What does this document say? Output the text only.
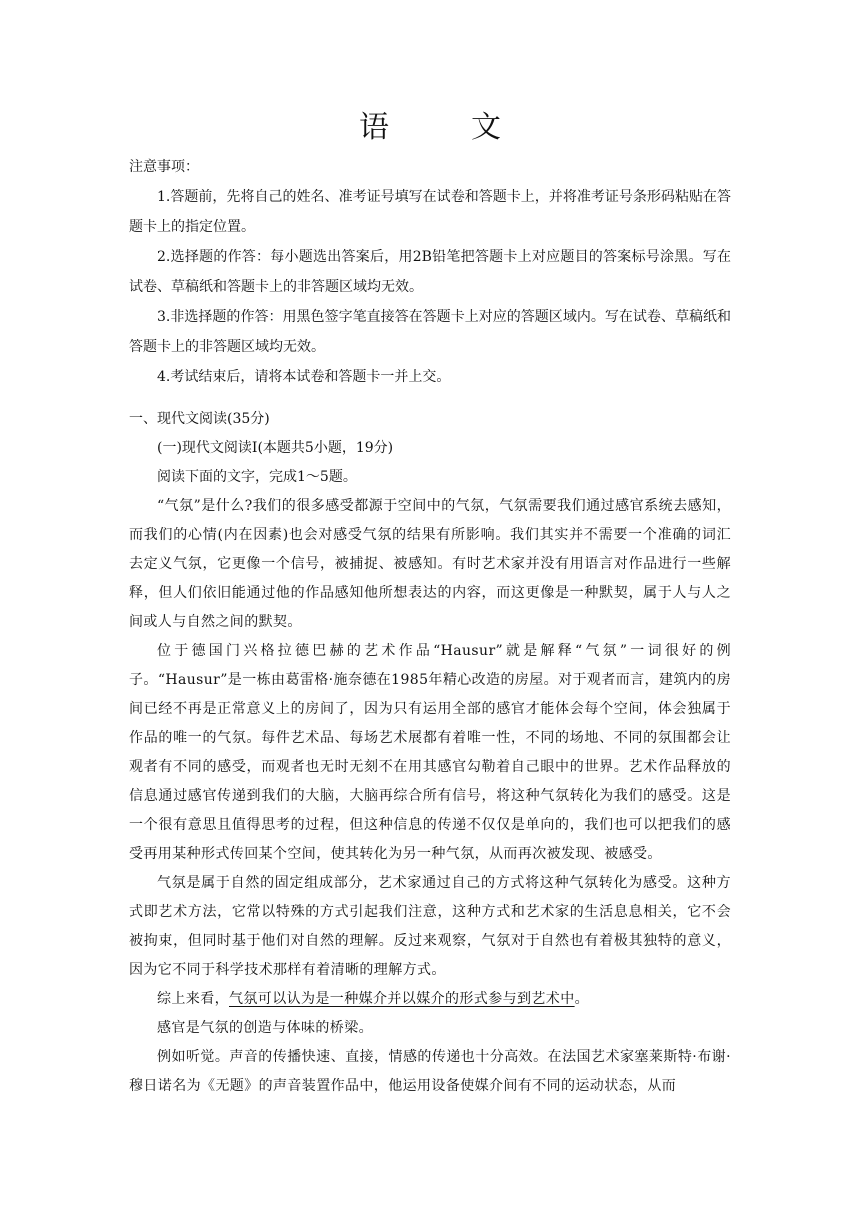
语　文

注意事项：

1.答题前，先将自己的姓名、准考证号填写在试卷和答题卡上，并将准考证号条形码粘贴在答题卡上的指定位置。

2.选择题的作答：每小题选出答案后，用2B铅笔把答题卡上对应题目的答案标号涂黑。写在试卷、草稿纸和答题卡上的非答题区域均无效。

3.非选择题的作答：用黑色签字笔直接答在答题卡上对应的答题区域内。写在试卷、草稿纸和答题卡上的非答题区域均无效。

4.考试结束后，请将本试卷和答题卡一并上交。

一、现代文阅读(35分)

(一)现代文阅读I(本题共5小题，19分)

阅读下面的文字，完成1～5题。

“气氛”是什么?我们的很多感受都源于空间中的气氛，气氛需要我们通过感官系统去感知，而我们的心情(内在因素)也会对感受气氛的结果有所影响。我们其实并不需要一个准确的词汇去定义气氛，它更像一个信号，被捕捉、被感知。有时艺术家并没有用语言对作品进行一些解释，但人们依旧能通过他的作品感知他所想表达的内容，而这更像是一种默契，属于人与人之间或人与自然之间的默契。

位于德国门兴格拉德巴赫的艺术作品“Hausur”就是解释“气氛”一词很好的例子。“Hausur”是一栋由葛雷格·施奈德在1985年精心改造的房屋。对于观者而言，建筑内的房间已经不再是正常意义上的房间了，因为只有运用全部的感官才能体会每个空间，体会独属于作品的唯一的气氛。每件艺术品、每场艺术展都有着唯一性，不同的场地、不同的氛围都会让观者有不同的感受，而观者也无时无刻不在用其感官勾勒着自己眼中的世界。艺术作品释放的信息通过感官传递到我们的大脑，大脑再综合所有信号，将这种气氛转化为我们的感受。这是一个很有意思且值得思考的过程，但这种信息的传递不仅仅是单向的，我们也可以把我们的感受再用某种形式传回某个空间，使其转化为另一种气氛，从而再次被发现、被感受。

气氛是属于自然的固定组成部分，艺术家通过自己的方式将这种气氛转化为感受。这种方式即艺术方法，它常以特殊的方式引起我们注意，这种方式和艺术家的生活息息相关，它不会被拘束，但同时基于他们对自然的理解。反过来观察，气氛对于自然也有着极其独特的意义，因为它不同于科学技术那样有着清晰的理解方式。

综上来看，气氛可以认为是一种媒介并以媒介的形式参与到艺术中。

感官是气氛的创造与体味的桥梁。

例如听觉。声音的传播快速、直接，情感的传递也十分高效。在法国艺术家塞莱斯特·布谢·穆日诺名为《无题》的声音装置作品中，他运用设备使媒介间有不同的运动状态，从而
